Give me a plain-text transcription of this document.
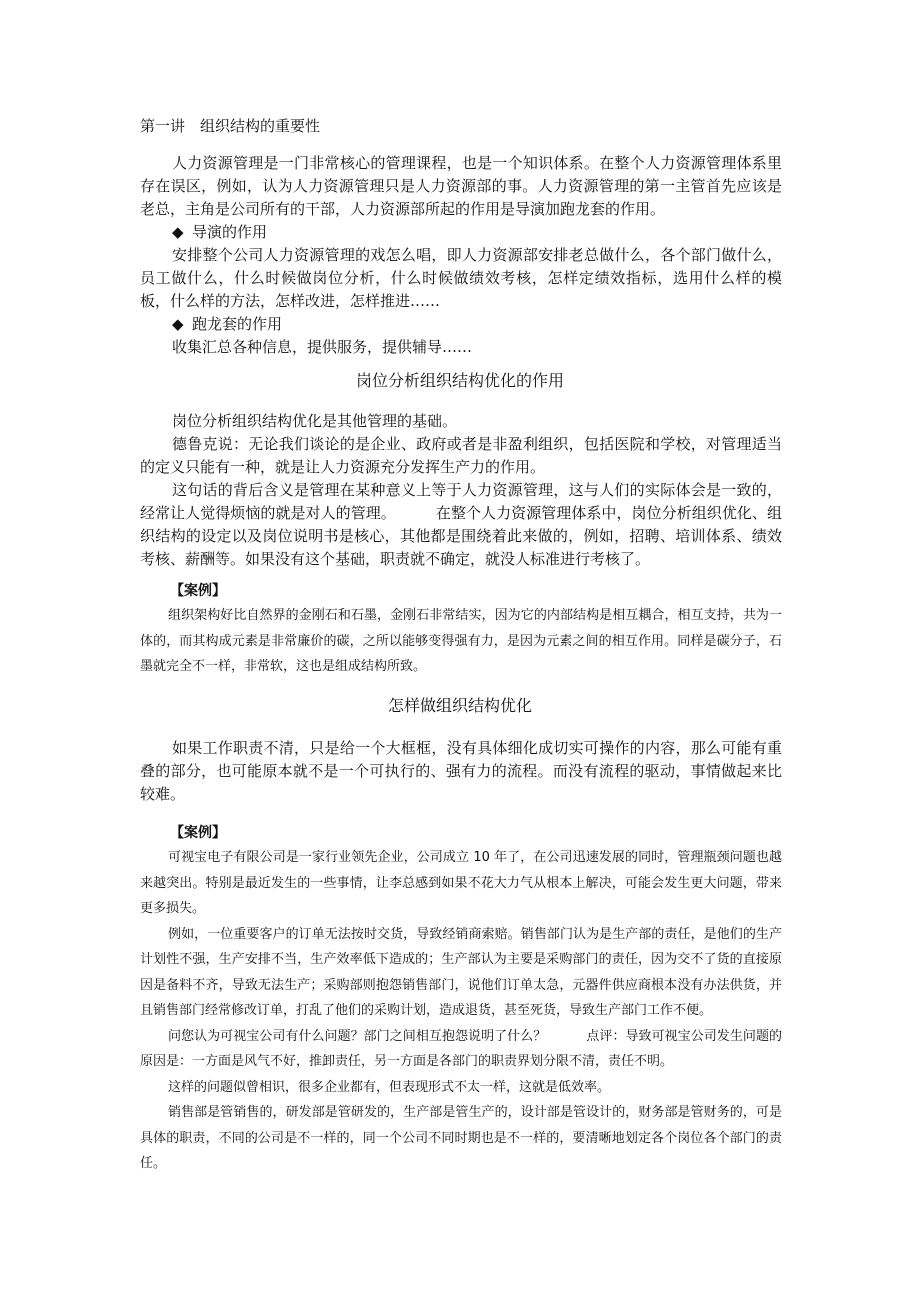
第一讲　组织结构的重要性

人力资源管理是一门非常核心的管理课程，也是一个知识体系。在整个人力资源管理体系里存在误区，例如，认为人力资源管理只是人力资源部的事。人力资源管理的第一主管首先应该是老总，主角是公司所有的干部，人力资源部所起的作用是导演加跑龙套的作用。

◆ 导演的作用

安排整个公司人力资源管理的戏怎么唱，即人力资源部安排老总做什么，各个部门做什么，员工做什么，什么时候做岗位分析，什么时候做绩效考核，怎样定绩效指标，选用什么样的模板，什么样的方法，怎样改进，怎样推进……

◆ 跑龙套的作用

收集汇总各种信息，提供服务，提供辅导……

岗位分析组织结构优化的作用

岗位分析组织结构优化是其他管理的基础。

德鲁克说：无论我们谈论的是企业、政府或者是非盈利组织，包括医院和学校，对管理适当的定义只能有一种，就是让人力资源充分发挥生产力的作用。

这句话的背后含义是管理在某种意义上等于人力资源管理，这与人们的实际体会是一致的，经常让人觉得烦恼的就是对人的管理。	在整个人力资源管理体系中，岗位分析组织优化、组织结构的设定以及岗位说明书是核心，其他都是围绕着此来做的，例如，招聘、培训体系、绩效考核、薪酬等。如果没有这个基础，职责就不确定，就没人标准进行考核了。

【案例】

组织架构好比自然界的金刚石和石墨，金刚石非常结实，因为它的内部结构是相互耦合，相互支持，共为一体的，而其构成元素是非常廉价的碳，之所以能够变得强有力，是因为元素之间的相互作用。同样是碳分子，石墨就完全不一样，非常软，这也是组成结构所致。

怎样做组织结构优化

如果工作职责不清，只是给一个大框框，没有具体细化成切实可操作的内容，那么可能有重叠的部分，也可能原本就不是一个可执行的、强有力的流程。而没有流程的驱动，事情做起来比较难。

【案例】

可视宝电子有限公司是一家行业领先企业，公司成立 10 年了，在公司迅速发展的同时，管理瓶颈问题也越来越突出。特别是最近发生的一些事情，让李总感到如果不花大力气从根本上解决，可能会发生更大问题，带来更多损失。

例如，一位重要客户的订单无法按时交货，导致经销商索赔。销售部门认为是生产部的责任，是他们的生产计划性不强，生产安排不当，生产效率低下造成的；生产部认为主要是采购部门的责任，因为交不了货的直接原因是备料不齐，导致无法生产；采购部则抱怨销售部门，说他们订单太急，元器件供应商根本没有办法供货，并且销售部门经常修改订单，打乱了他们的采购计划，造成退货，甚至死货，导致生产部门工作不便。

问您认为可视宝公司有什么问题？部门之间相互抱怨说明了什么？	点评：导致可视宝公司发生问题的原因是：一方面是风气不好，推卸责任，另一方面是各部门的职责界划分限不清，责任不明。

这样的问题似曾相识，很多企业都有，但表现形式不太一样，这就是低效率。

销售部是管销售的，研发部是管研发的，生产部是管生产的，设计部是管设计的，财务部是管财务的，可是具体的职责，不同的公司是不一样的，同一个公司不同时期也是不一样的，要清晰地划定各个岗位各个部门的责任。
